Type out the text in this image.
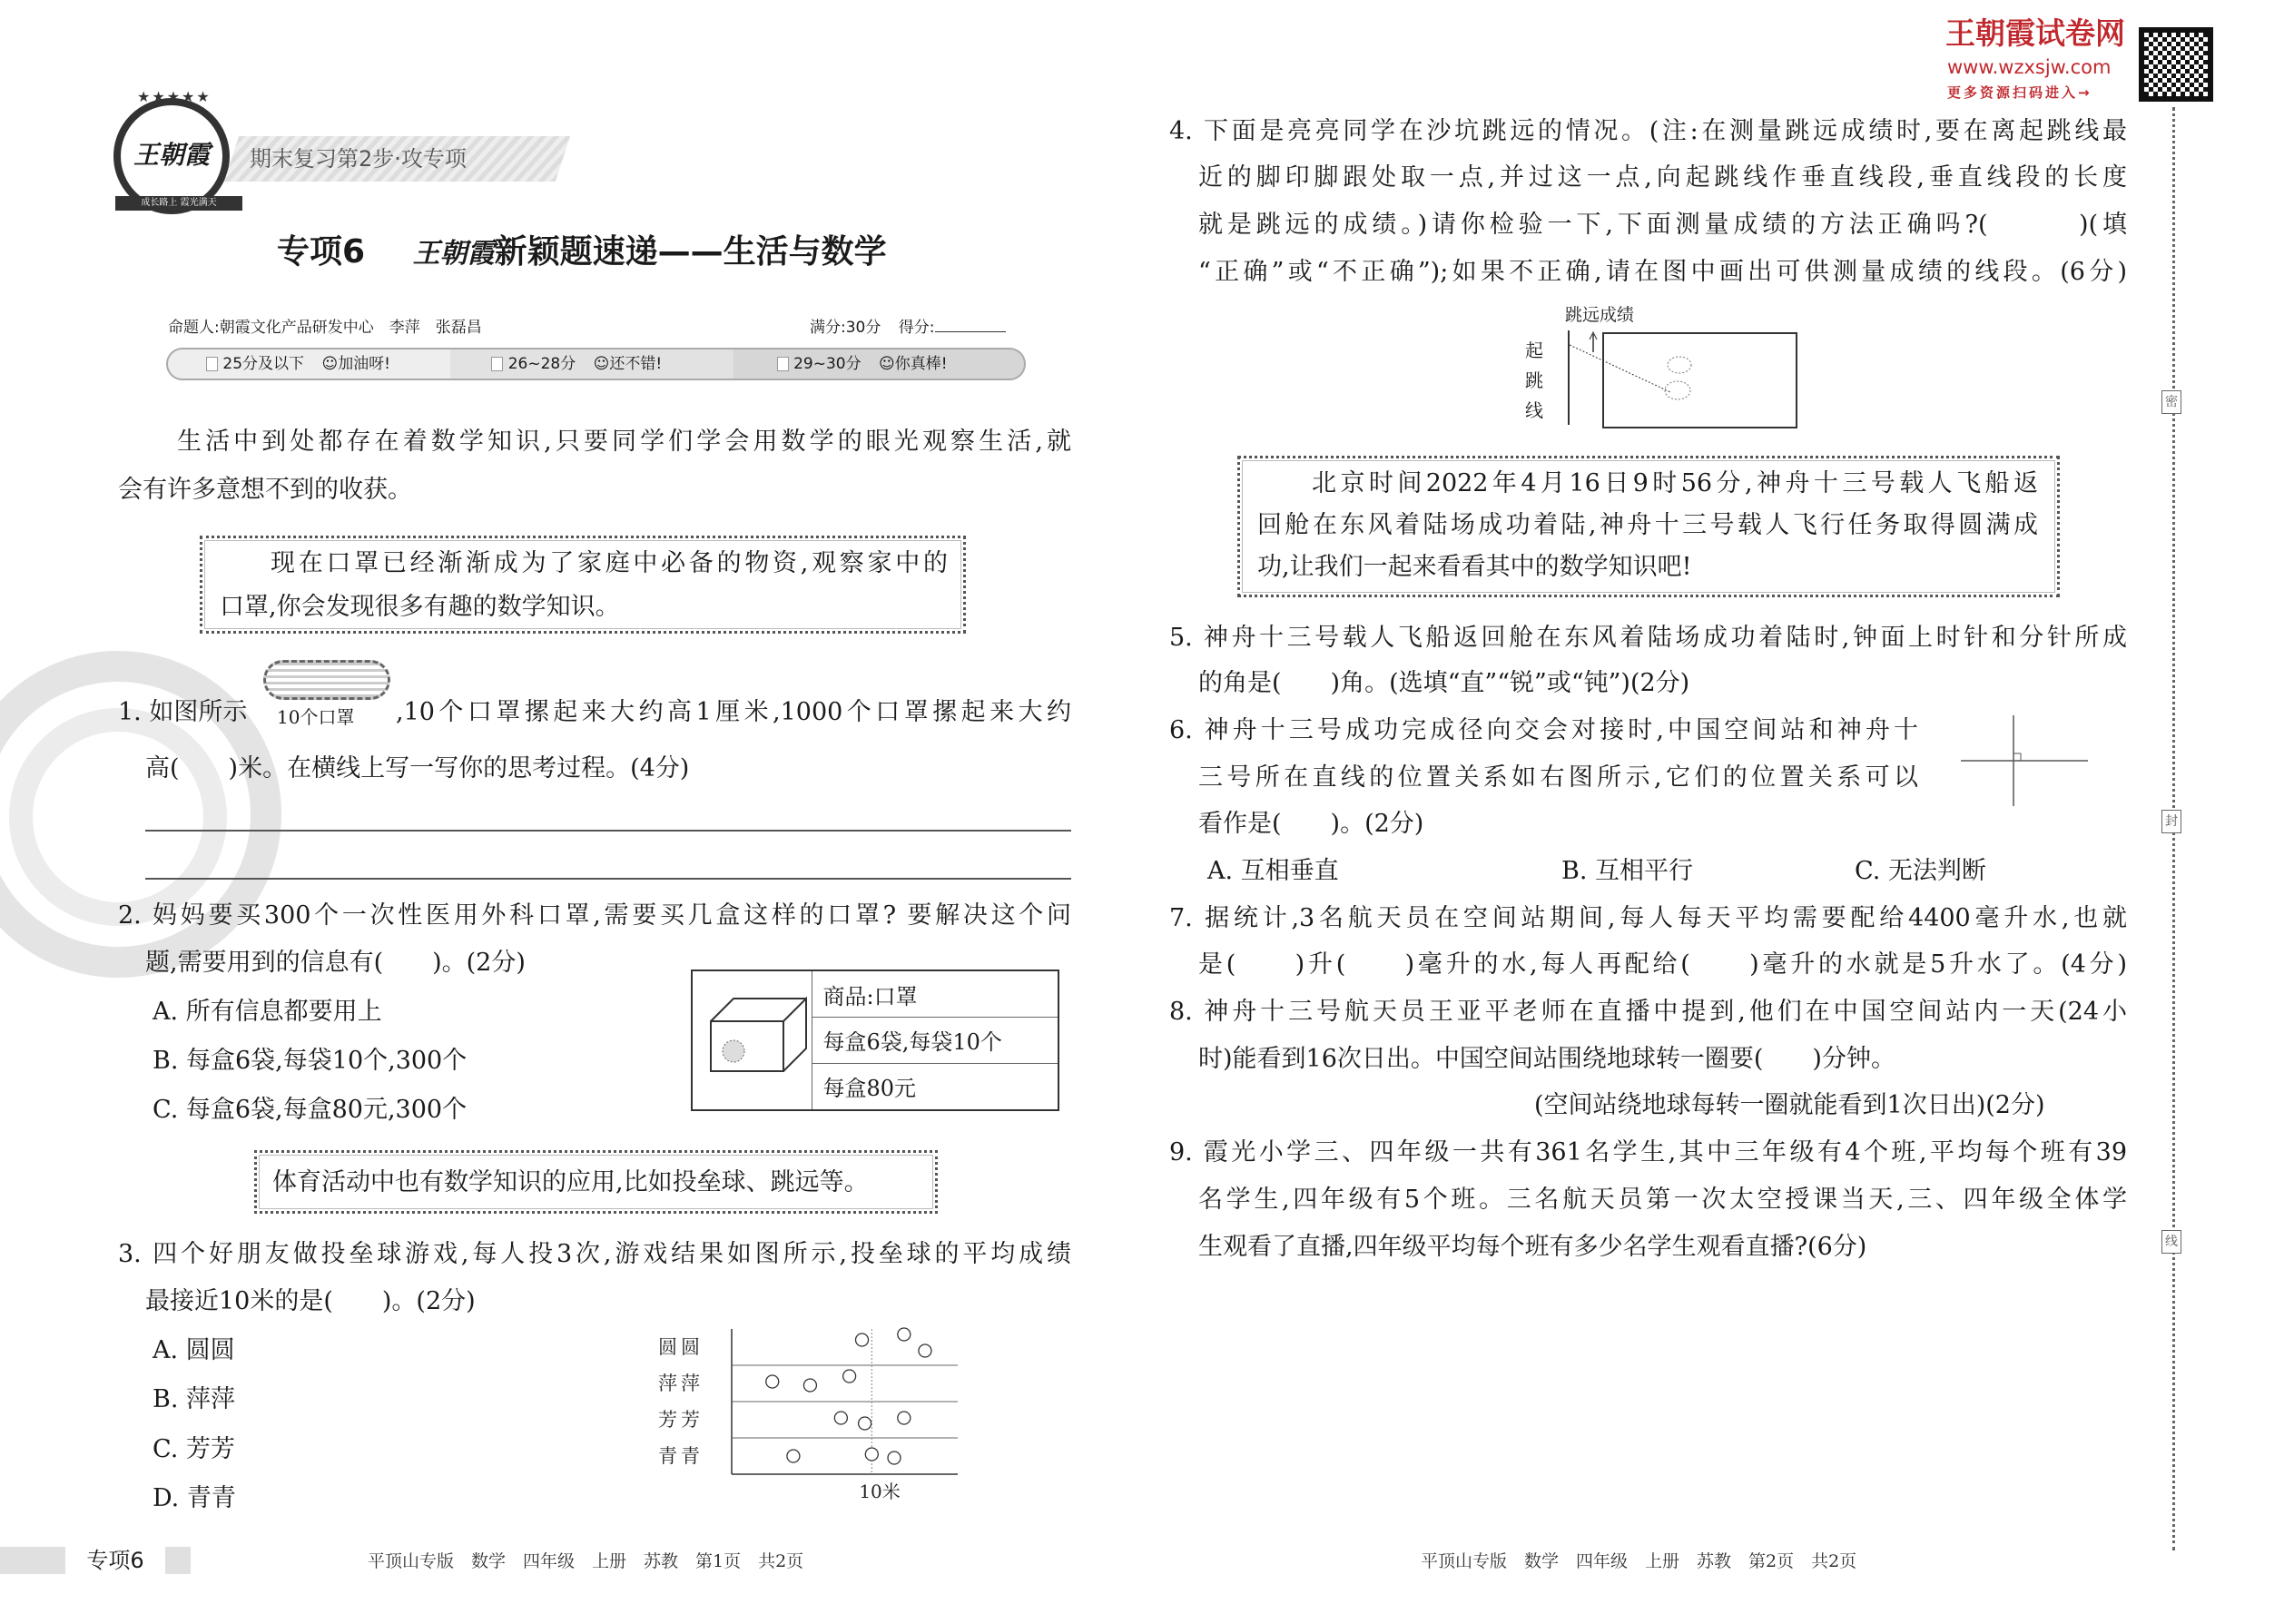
★★★★★
王朝霞
成长路上 霞光满天
期末复习第2步·攻专项
专项6 王朝霞新颖题速递——生活与数学
命题人:朝霞文化产品研发中心　李萍　张磊昌	满分:30分 得分:
25分及以下 ☺加油呀!	26~28分 ☺还不错!	29~30分 ☺你真棒!
生活中到处都存在着数学知识,只要同学们学会用数学的眼光观察生活,就
会有许多意想不到的收获。
现在口罩已经渐渐成为了家庭中必备的物资,观察家中的
口罩,你会发现很多有趣的数学知识。
1. 如图所示 10个口罩 ,10个口罩摞起来大约高1厘米,1000个口罩摞起来大约
高(　　)米。在横线上写一写你的思考过程。(4分)
2. 妈妈要买300个一次性医用外科口罩,需要买几盒这样的口罩? 要解决这个问
题,需要用到的信息有(　　)。(2分)
A. 所有信息都要用上
B. 每盒6袋,每袋10个,300个
C. 每盒6袋,每盒80元,300个
	商品:口罩
每盒6袋,每袋10个
每盒80元
体育活动中也有数学知识的应用,比如投垒球、跳远等。
3. 四个好朋友做投垒球游戏,每人投3次,游戏结果如图所示,投垒球的平均成绩
最接近10米的是(　　)。(2分)
A. 圆圆
B. 萍萍
C. 芳芳
D. 青青	10米
圆圆
萍萍
芳芳
青青
专项6	平顶山专版　数学　四年级　上册　苏教　第1页　共2页
王朝霞试卷网
www.wzxsjw.com
更多资源扫码进入→
密
封
线
4. 下面是亮亮同学在沙坑跳远的情况。(注:在测量跳远成绩时,要在离起跳线最
近的脚印脚跟处取一点,并过这一点,向起跳线作垂直线段,垂直线段的长度
就是跳远的成绩。)请你检验一下,下面测量成绩的方法正确吗?(　　　)(填
“正确”或“不正确”);如果不正确,请在图中画出可供测量成绩的线段。(6分)
跳远成绩
起跳线
北京时间2022年4月16日9时56分,神舟十三号载人飞船返
回舱在东风着陆场成功着陆,神舟十三号载人飞行任务取得圆满成
功,让我们一起来看看其中的数学知识吧!
5. 神舟十三号载人飞船返回舱在东风着陆场成功着陆时,钟面上时针和分针所成
的角是(　　)角。(选填“直”“锐”或“钝”)(2分)
6. 神舟十三号成功完成径向交会对接时,中国空间站和神舟十
三号所在直线的位置关系如右图所示,它们的位置关系可以
看作是(　　)。(2分)
A. 互相垂直	B. 互相平行	C. 无法判断
7. 据统计,3名航天员在空间站期间,每人每天平均需要配给4400毫升水,也就
是(　　)升(　　)毫升的水,每人再配给(　　)毫升的水就是5升水了。(4分)
8. 神舟十三号航天员王亚平老师在直播中提到,他们在中国空间站内一天(24小
时)能看到16次日出。中国空间站围绕地球转一圈要(　　)分钟。
(空间站绕地球每转一圈就能看到1次日出)(2分)
9. 霞光小学三、四年级一共有361名学生,其中三年级有4个班,平均每个班有39
名学生,四年级有5个班。三名航天员第一次太空授课当天,三、四年级全体学
生观看了直播,四年级平均每个班有多少名学生观看直播?(6分)
平顶山专版　数学　四年级　上册　苏教　第2页　共2页
